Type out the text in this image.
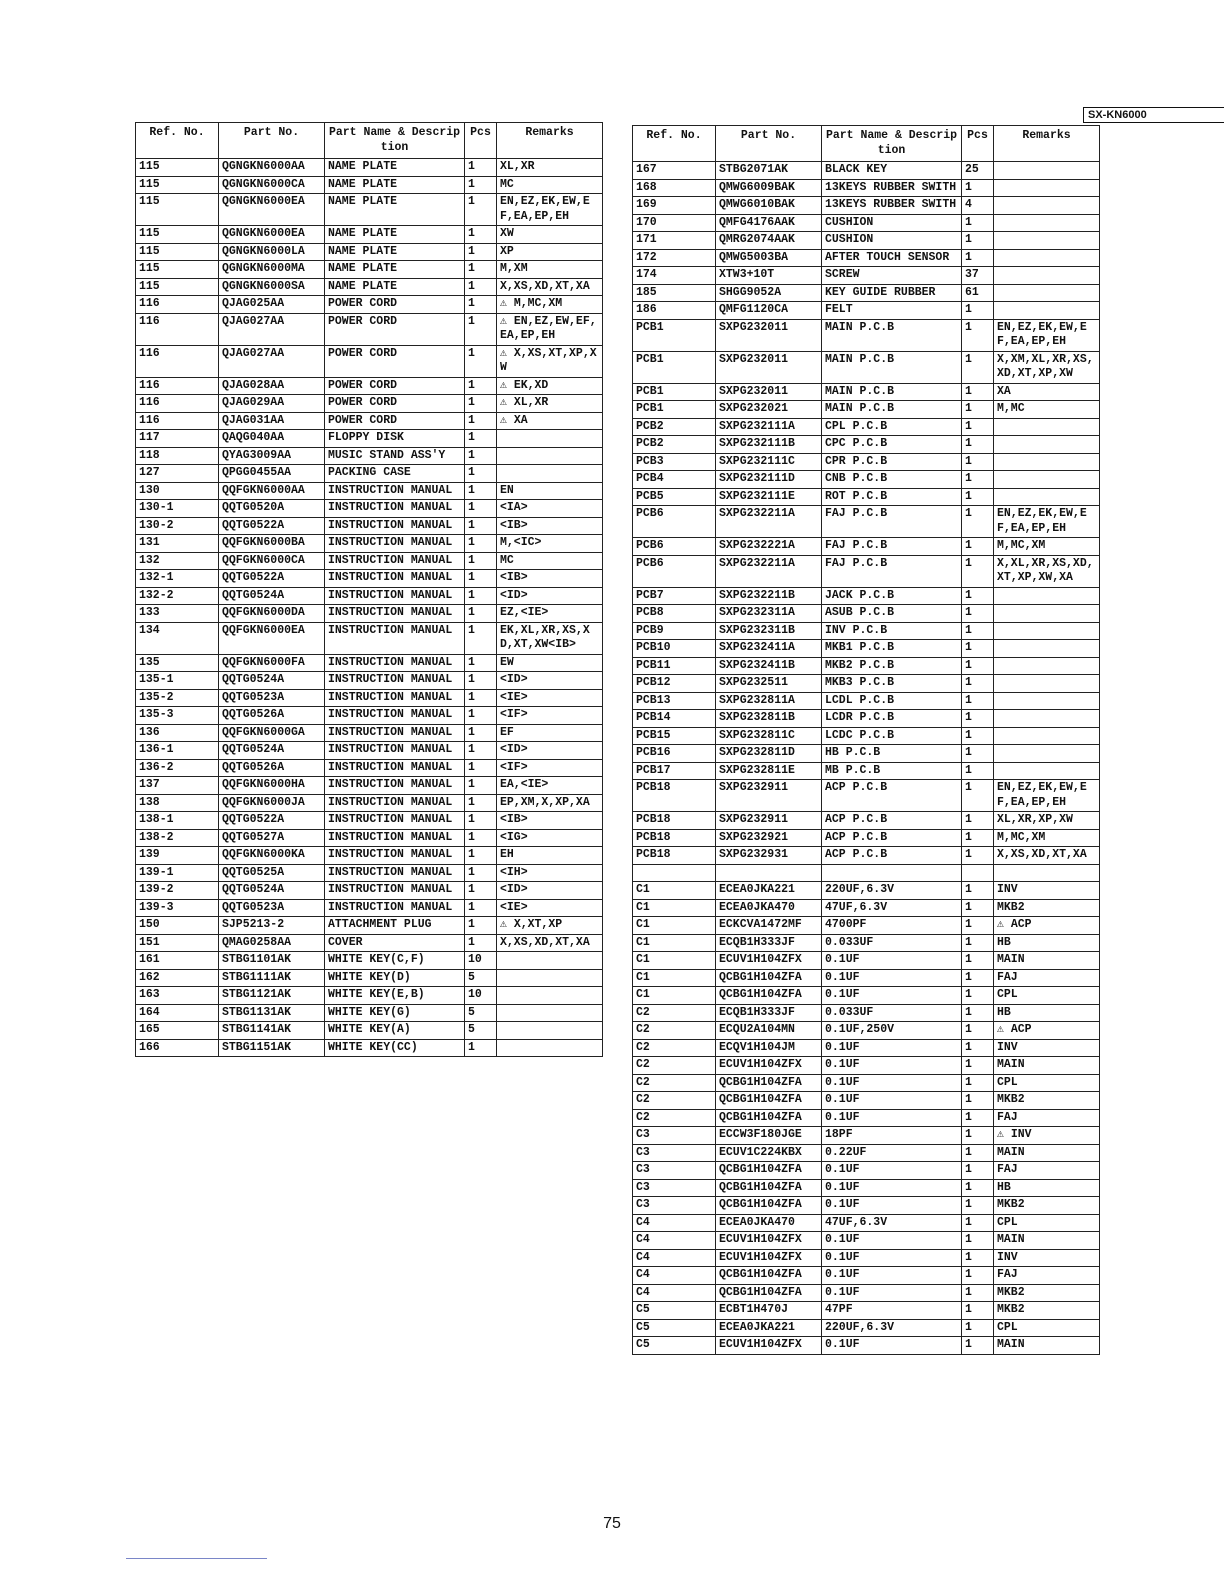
SX-KN6000
Ref. No.	Part No.	Part Name & Description	Pcs	Remarks
115	QGNGKN6000AA	NAME PLATE	1	XL,XR
115	QGNGKN6000CA	NAME PLATE	1	MC
115	QGNGKN6000EA	NAME PLATE	1	EN,EZ,EK,EW,EF,EA,EP,EH
115	QGNGKN6000EA	NAME PLATE	1	XW
115	QGNGKN6000LA	NAME PLATE	1	XP
115	QGNGKN6000MA	NAME PLATE	1	M,XM
115	QGNGKN6000SA	NAME PLATE	1	X,XS,XD,XT,XA
116	QJAG025AA	POWER CORD	1	⚠ M,MC,XM
116	QJAG027AA	POWER CORD	1	⚠ EN,EZ,EW,EF,EA,EP,EH
116	QJAG027AA	POWER CORD	1	⚠ X,XS,XT,XP,XW
116	QJAG028AA	POWER CORD	1	⚠ EK,XD
116	QJAG029AA	POWER CORD	1	⚠ XL,XR
116	QJAG031AA	POWER CORD	1	⚠ XA
117	QAQG040AA	FLOPPY DISK	1	
118	QYAG3009AA	MUSIC STAND ASS'Y	1	
127	QPGG0455AA	PACKING CASE	1	
130	QQFGKN6000AA	INSTRUCTION MANUAL	1	EN
130-1	QQTG0520A	INSTRUCTION MANUAL	1	<IA>
130-2	QQTG0522A	INSTRUCTION MANUAL	1	<IB>
131	QQFGKN6000BA	INSTRUCTION MANUAL	1	M,<IC>
132	QQFGKN6000CA	INSTRUCTION MANUAL	1	MC
132-1	QQTG0522A	INSTRUCTION MANUAL	1	<IB>
132-2	QQTG0524A	INSTRUCTION MANUAL	1	<ID>
133	QQFGKN6000DA	INSTRUCTION MANUAL	1	EZ,<IE>
134	QQFGKN6000EA	INSTRUCTION MANUAL	1	EK,XL,XR,XS,XD,XT,XW<IB>
135	QQFGKN6000FA	INSTRUCTION MANUAL	1	EW
135-1	QQTG0524A	INSTRUCTION MANUAL	1	<ID>
135-2	QQTG0523A	INSTRUCTION MANUAL	1	<IE>
135-3	QQTG0526A	INSTRUCTION MANUAL	1	<IF>
136	QQFGKN6000GA	INSTRUCTION MANUAL	1	EF
136-1	QQTG0524A	INSTRUCTION MANUAL	1	<ID>
136-2	QQTG0526A	INSTRUCTION MANUAL	1	<IF>
137	QQFGKN6000HA	INSTRUCTION MANUAL	1	EA,<IE>
138	QQFGKN6000JA	INSTRUCTION MANUAL	1	EP,XM,X,XP,XA
138-1	QQTG0522A	INSTRUCTION MANUAL	1	<IB>
138-2	QQTG0527A	INSTRUCTION MANUAL	1	<IG>
139	QQFGKN6000KA	INSTRUCTION MANUAL	1	EH
139-1	QQTG0525A	INSTRUCTION MANUAL	1	<IH>
139-2	QQTG0524A	INSTRUCTION MANUAL	1	<ID>
139-3	QQTG0523A	INSTRUCTION MANUAL	1	<IE>
150	SJP5213-2	ATTACHMENT PLUG	1	⚠ X,XT,XP
151	QMAG0258AA	COVER	1	X,XS,XD,XT,XA
161	STBG1101AK	WHITE KEY(C,F)	10	
162	STBG1111AK	WHITE KEY(D)	5	
163	STBG1121AK	WHITE KEY(E,B)	10	
164	STBG1131AK	WHITE KEY(G)	5	
165	STBG1141AK	WHITE KEY(A)	5	
166	STBG1151AK	WHITE KEY(CC)	1	
Ref. No.	Part No.	Part Name & Description	Pcs	Remarks
167	STBG2071AK	BLACK KEY	25	
168	QMWG6009BAK	13KEYS RUBBER SWITH	1	
169	QMWG6010BAK	13KEYS RUBBER SWITH	4	
170	QMFG4176AAK	CUSHION	1	
171	QMRG2074AAK	CUSHION	1	
172	QMWG5003BA	AFTER TOUCH SENSOR	1	
174	XTW3+10T	SCREW	37	
185	SHGG9052A	KEY GUIDE RUBBER	61	
186	QMFG1120CA	FELT	1	
PCB1	SXPG232011	MAIN P.C.B	1	EN,EZ,EK,EW,EF,EA,EP,EH
PCB1	SXPG232011	MAIN P.C.B	1	X,XM,XL,XR,XS,XD,XT,XP,XW
PCB1	SXPG232011	MAIN P.C.B	1	XA
PCB1	SXPG232021	MAIN P.C.B	1	M,MC
PCB2	SXPG232111A	CPL P.C.B	1	
PCB2	SXPG232111B	CPC P.C.B	1	
PCB3	SXPG232111C	CPR P.C.B	1	
PCB4	SXPG232111D	CNB P.C.B	1	
PCB5	SXPG232111E	ROT P.C.B	1	
PCB6	SXPG232211A	FAJ P.C.B	1	EN,EZ,EK,EW,EF,EA,EP,EH
PCB6	SXPG232221A	FAJ P.C.B	1	M,MC,XM
PCB6	SXPG232211A	FAJ P.C.B	1	X,XL,XR,XS,XD,XT,XP,XW,XA
PCB7	SXPG232211B	JACK P.C.B	1	
PCB8	SXPG232311A	ASUB P.C.B	1	
PCB9	SXPG232311B	INV P.C.B	1	
PCB10	SXPG232411A	MKB1 P.C.B	1	
PCB11	SXPG232411B	MKB2 P.C.B	1	
PCB12	SXPG232511	MKB3 P.C.B	1	
PCB13	SXPG232811A	LCDL P.C.B	1	
PCB14	SXPG232811B	LCDR P.C.B	1	
PCB15	SXPG232811C	LCDC P.C.B	1	
PCB16	SXPG232811D	HB P.C.B	1	
PCB17	SXPG232811E	MB P.C.B	1	
PCB18	SXPG232911	ACP P.C.B	1	EN,EZ,EK,EW,EF,EA,EP,EH
PCB18	SXPG232911	ACP P.C.B	1	XL,XR,XP,XW
PCB18	SXPG232921	ACP P.C.B	1	M,MC,XM
PCB18	SXPG232931	ACP P.C.B	1	X,XS,XD,XT,XA

C1	ECEA0JKA221	220UF,6.3V	1	INV
C1	ECEA0JKA470	47UF,6.3V	1	MKB2
C1	ECKCVA1472MF	4700PF	1	⚠ ACP
C1	ECQB1H333JF	0.033UF	1	HB
C1	ECUV1H104ZFX	0.1UF	1	MAIN
C1	QCBG1H104ZFA	0.1UF	1	FAJ
C1	QCBG1H104ZFA	0.1UF	1	CPL
C2	ECQB1H333JF	0.033UF	1	HB
C2	ECQU2A104MN	0.1UF,250V	1	⚠ ACP
C2	ECQV1H104JM	0.1UF	1	INV
C2	ECUV1H104ZFX	0.1UF	1	MAIN
C2	QCBG1H104ZFA	0.1UF	1	CPL
C2	QCBG1H104ZFA	0.1UF	1	MKB2
C2	QCBG1H104ZFA	0.1UF	1	FAJ
C3	ECCW3F180JGE	18PF	1	⚠ INV
C3	ECUV1C224KBX	0.22UF	1	MAIN
C3	QCBG1H104ZFA	0.1UF	1	FAJ
C3	QCBG1H104ZFA	0.1UF	1	HB
C3	QCBG1H104ZFA	0.1UF	1	MKB2
C4	ECEA0JKA470	47UF,6.3V	1	CPL
C4	ECUV1H104ZFX	0.1UF	1	MAIN
C4	ECUV1H104ZFX	0.1UF	1	INV
C4	QCBG1H104ZFA	0.1UF	1	FAJ
C4	QCBG1H104ZFA	0.1UF	1	MKB2
C5	ECBT1H470J	47PF	1	MKB2
C5	ECEA0JKA221	220UF,6.3V	1	CPL
C5	ECUV1H104ZFX	0.1UF	1	MAIN
75
